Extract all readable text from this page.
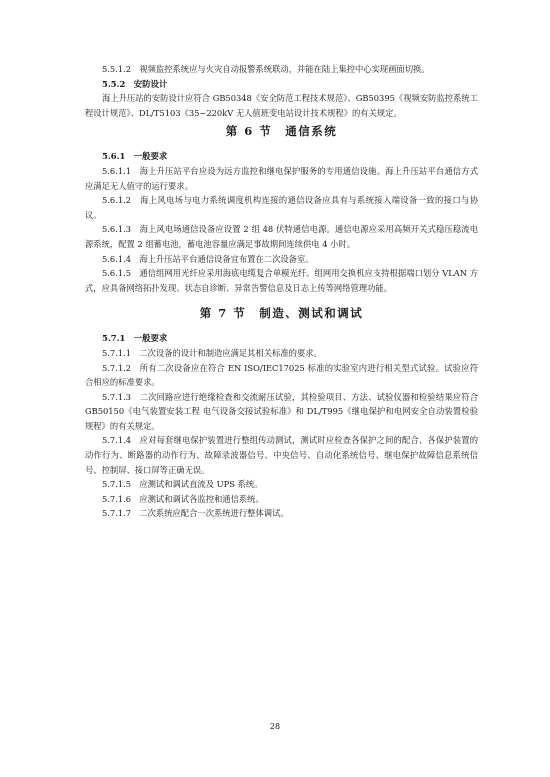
5.5.1.2　视频监控系统应与火灾自动报警系统联动，并能在陆上集控中心实现画面切换。

5.5.2　安防设计

海上升压站的安防设计应符合 GB50348《安全防范工程技术规范》、GB50395《视频安防监控系统工程设计规范》、DL/T5103《35~220kV 无人值班变电站设计技术规程》的有关规定。

第 6 节　通信系统

5.6.1　一般要求

5.6.1.1　海上升压站平台应设为远方监控和继电保护服务的专用通信设施。海上升压站平台通信方式应满足无人值守的运行要求。

5.6.1.2　海上风电场与电力系统调度机构连接的通信设备应具有与系统接入端设备一致的接口与协议。

5.6.1.3　海上风电场通信设备应设置 2 组 48 伏特通信电源。通信电源应采用高频开关式稳压稳流电源系统，配置 2 组蓄电池，蓄电池容量应满足事故期间连续供电 4 小时。

5.6.1.4　海上升压站平台通信设备宜布置在二次设备室。

5.6.1.5　通信组网用光纤应采用海底电缆复合单模光纤。组网用交换机应支持根据端口划分 VLAN 方式，应具备网络拓扑发现、状态自诊断、异常告警信息及日志上传等网络管理功能。

第 7 节　制造、测试和调试

5.7.1　一般要求

5.7.1.1　二次设备的设计和制造应满足其相关标准的要求。

5.7.1.2　所有二次设备应在符合 EN ISO/IEC17025 标准的实验室内进行相关型式试验。试验应符合相应的标准要求。

5.7.1.3　二次回路应进行绝缘检查和交流耐压试验，其检验项目、方法、试验仪器和检验结果应符合 GB50150《电气装置安装工程 电气设备交接试验标准》和 DL/T995《继电保护和电网安全自动装置检验规程》的有关规定。

5.7.1.4　应对每套继电保护装置进行整组传动测试，测试时应检查各保护之间的配合、各保护装置的动作行为、断路器的动作行为、故障录波器信号、中央信号、自动化系统信号、继电保护故障信息系统信号、控制屏、接口屏等正确无误。

5.7.1.5　应测试和调试直流及 UPS 系统。

5.7.1.6　应测试和调试各监控和通信系统。

5.7.1.7　二次系统应配合一次系统进行整体调试。

28
